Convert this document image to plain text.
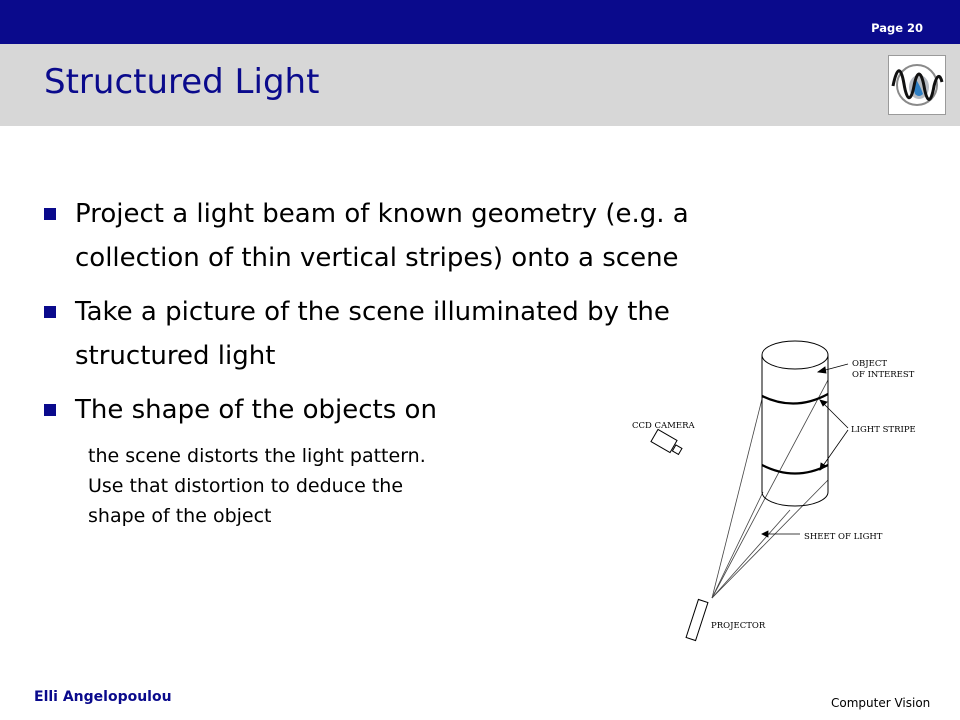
Page 20
Structured Light
Project a light beam of known geometry (e.g. a
collection of thin vertical stripes) onto a scene
Take a picture of the scene illuminated by the
structured light
The shape of the objects on
the scene distorts the light pattern.
Use that distortion to deduce the
shape of the object
OBJECT
OF INTEREST
CCD CAMERA	LIGHT STRIPE
SHEET OF LIGHT
PROJECTOR
Elli Angelopoulou	Computer Vision
